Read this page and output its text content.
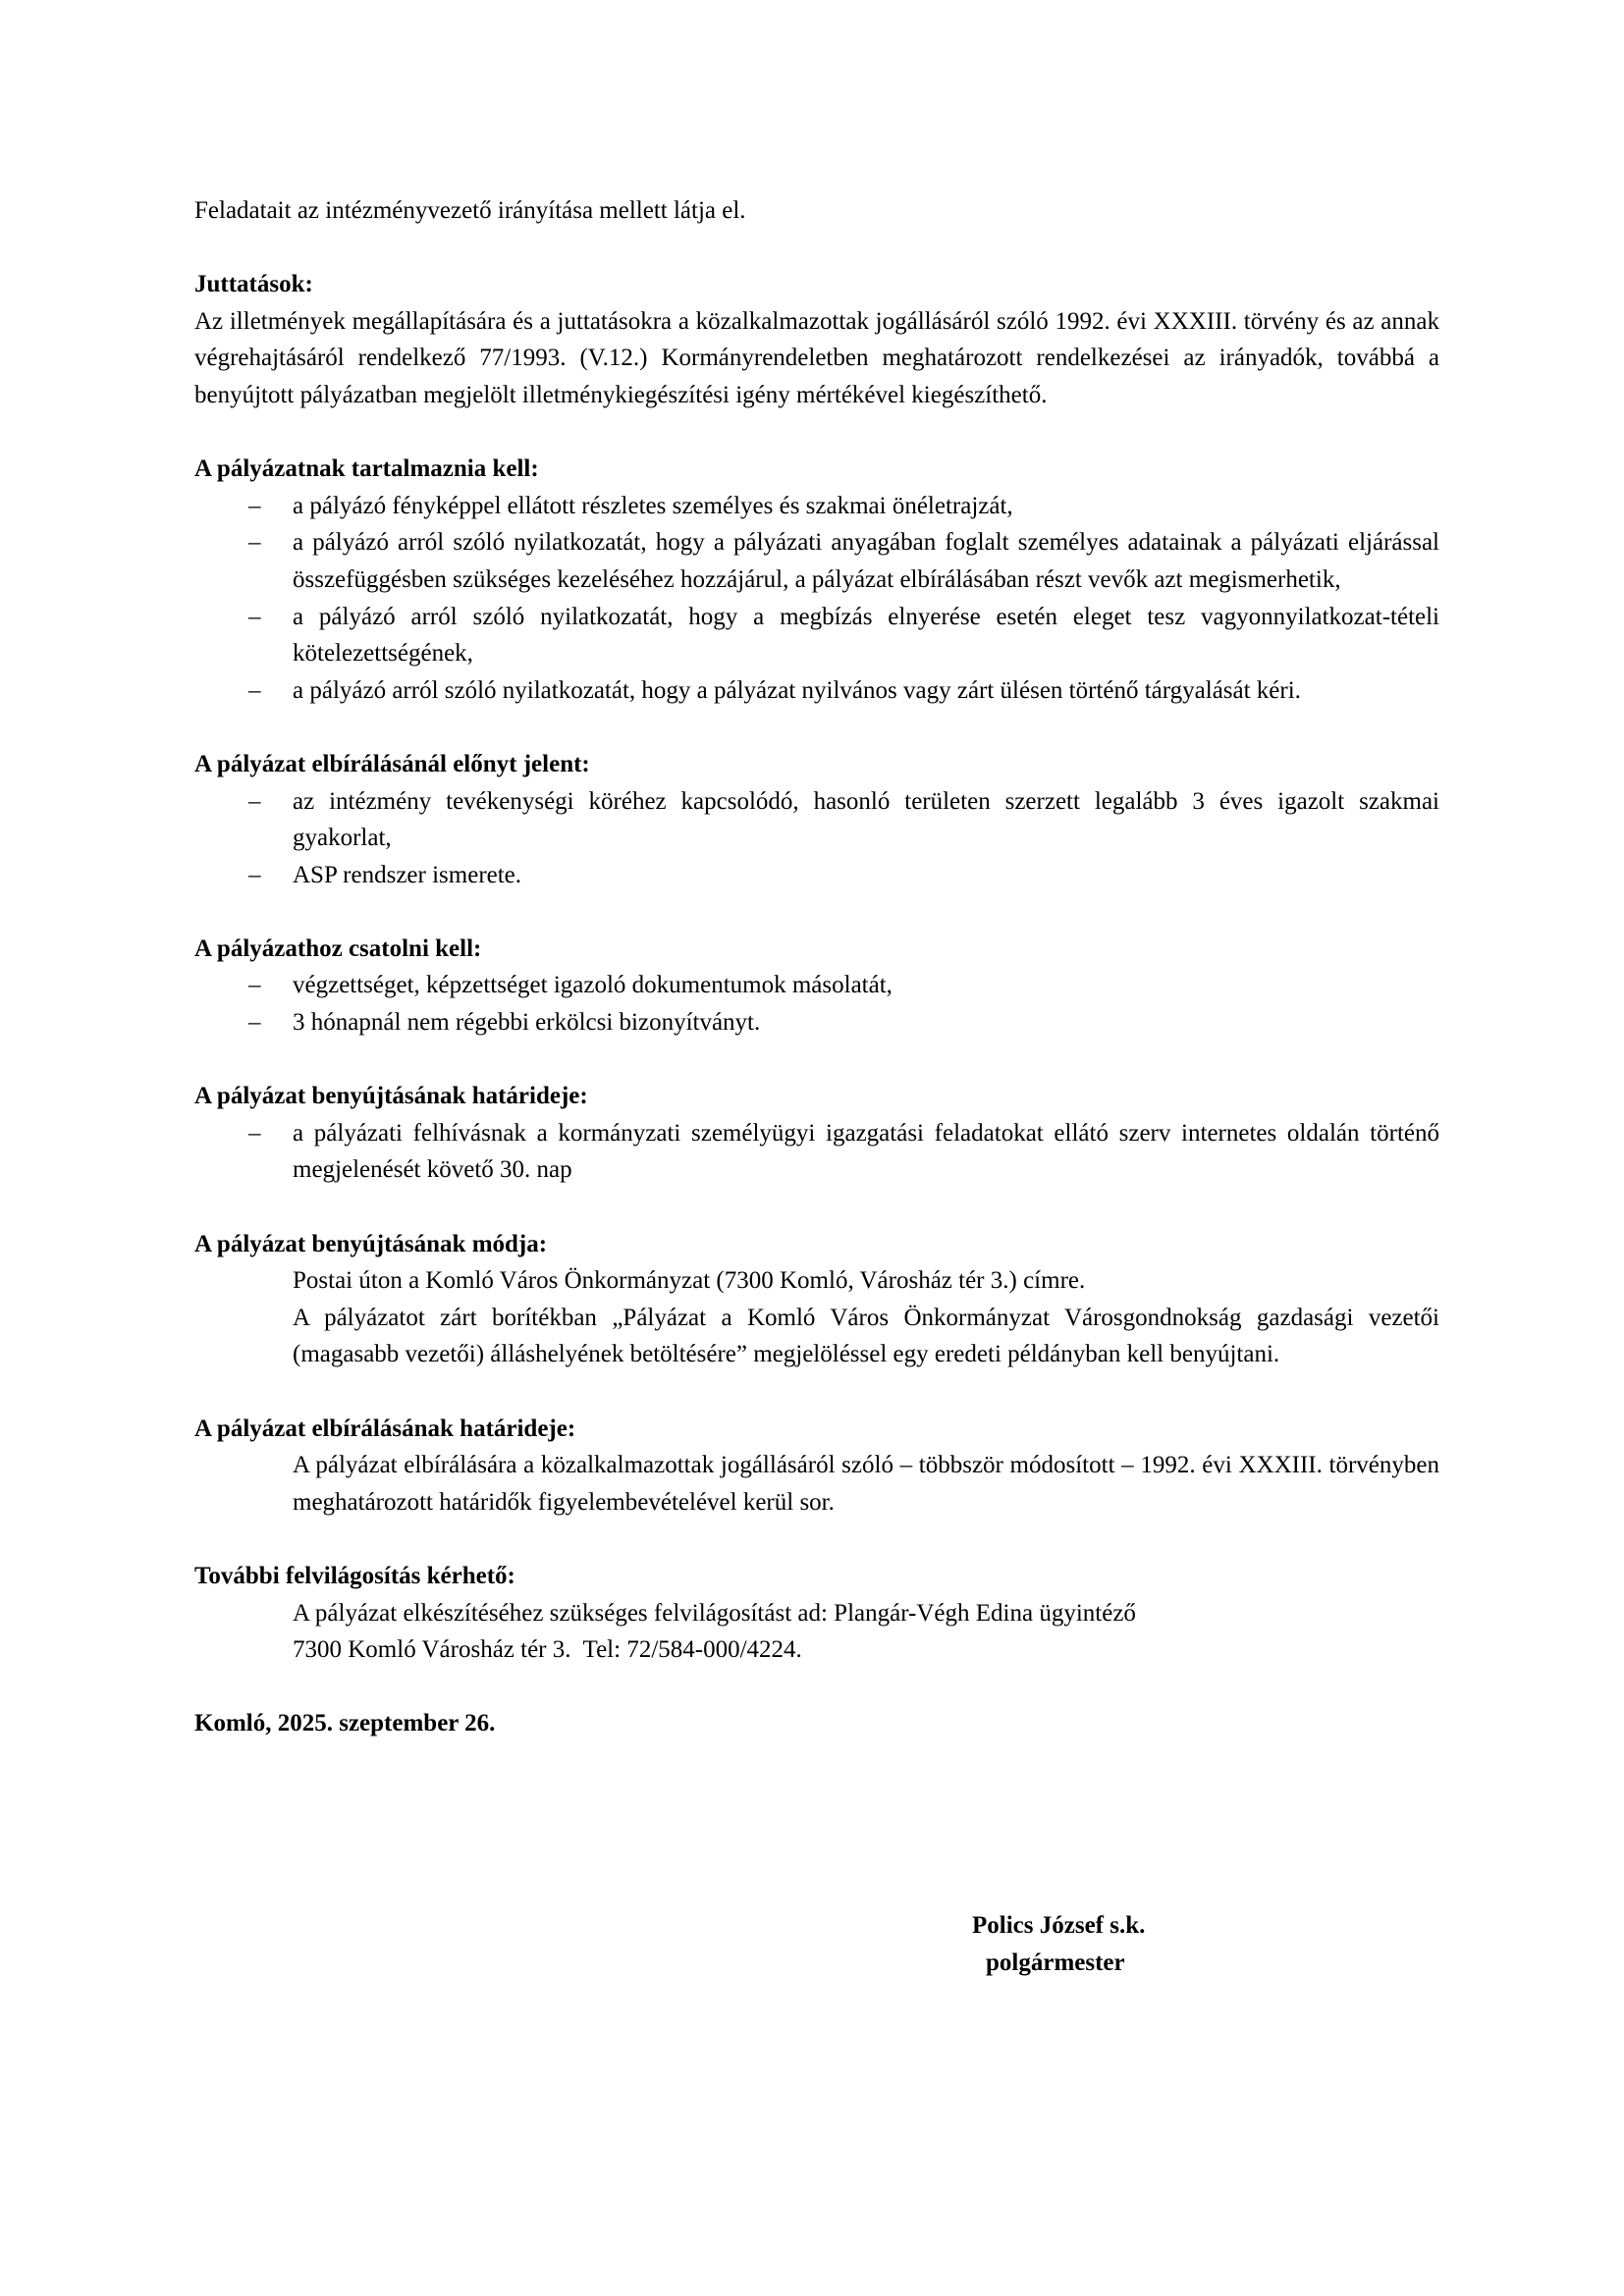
Feladatait az intézményvezető irányítása mellett látja el.

Juttatások:

Az illetmények megállapítására és a juttatásokra a közalkalmazottak jogállásáról szóló 1992. évi XXXIII. törvény és az annak végrehajtásáról rendelkező 77/1993. (V.12.) Kormányrendeletben meghatározott rendelkezései az irányadók, továbbá a benyújtott pályázatban megjelölt illetménykiegészítési igény mértékével kiegészíthető.

A pályázatnak tartalmaznia kell:

– a pályázó fényképpel ellátott részletes személyes és szakmai önéletrajzát,
– a pályázó arról szóló nyilatkozatát, hogy a pályázati anyagában foglalt személyes adatainak a pályázati eljárással összefüggésben szükséges kezeléséhez hozzájárul, a pályázat elbírálásában részt vevők azt megismerhetik,
– a pályázó arról szóló nyilatkozatát, hogy a megbízás elnyerése esetén eleget tesz vagyonnyilatkozat-tételi kötelezettségének,
– a pályázó arról szóló nyilatkozatát, hogy a pályázat nyilvános vagy zárt ülésen történő tárgyalását kéri.

A pályázat elbírálásánál előnyt jelent:

– az intézmény tevékenységi köréhez kapcsolódó, hasonló területen szerzett legalább 3 éves igazolt szakmai gyakorlat,
– ASP rendszer ismerete.

A pályázathoz csatolni kell:

– végzettséget, képzettséget igazoló dokumentumok másolatát,
– 3 hónapnál nem régebbi erkölcsi bizonyítványt.

A pályázat benyújtásának határideje:

– a pályázati felhívásnak a kormányzati személyügyi igazgatási feladatokat ellátó szerv internetes oldalán történő megjelenését követő 30. nap

A pályázat benyújtásának módja:

Postai úton a Komló Város Önkormányzat (7300 Komló, Városház tér 3.) címre.

A pályázatot zárt borítékban „Pályázat a Komló Város Önkormányzat Városgondnokság gazdasági vezetői (magasabb vezetői) álláshelyének betöltésére” megjelöléssel egy eredeti példányban kell benyújtani.

A pályázat elbírálásának határideje:

A pályázat elbírálására a közalkalmazottak jogállásáról szóló – többször módosított – 1992. évi XXXIII. törvényben meghatározott határidők figyelembevételével kerül sor.

További felvilágosítás kérhető:

A pályázat elkészítéséhez szükséges felvilágosítást ad: Plangár-Végh Edina ügyintéző

7300 Komló Városház tér 3.  Tel: 72/584-000/4224.

Komló, 2025. szeptember 26.

Polics József s.k.
polgármester
